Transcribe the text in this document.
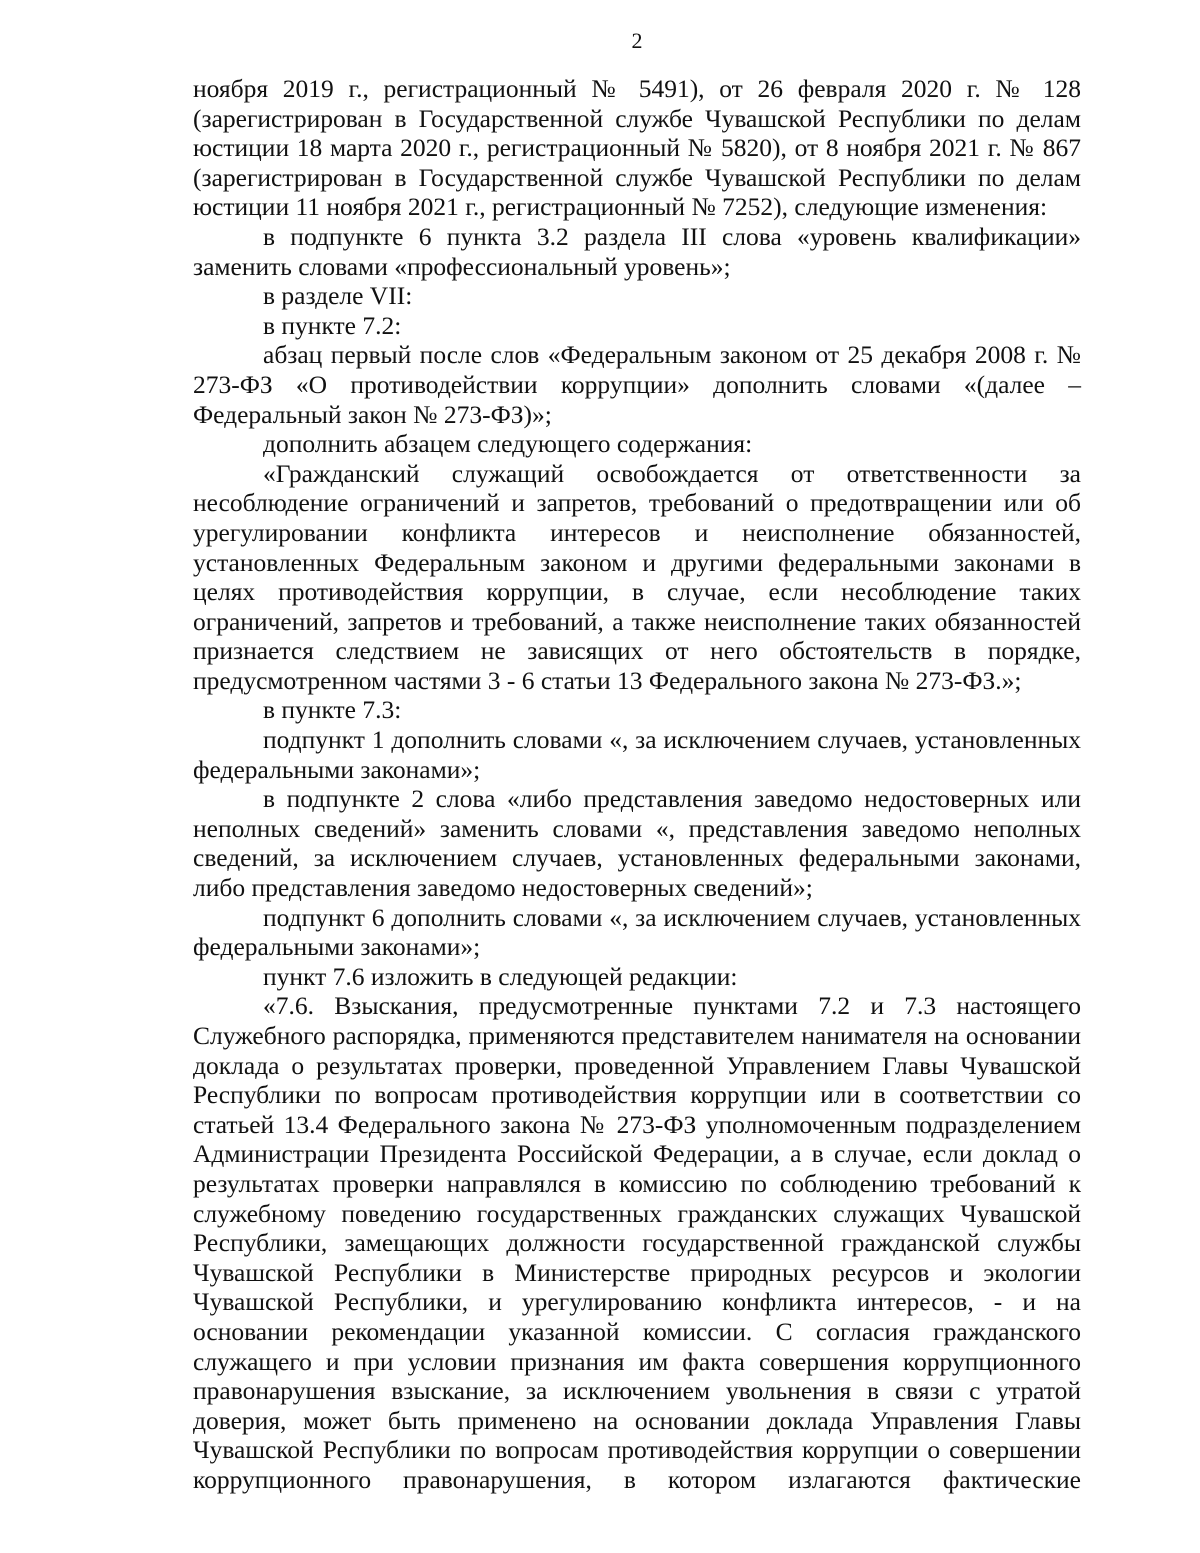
2

ноября 2019 г., регистрационный № 5491), от 26 февраля 2020 г. № 128 (зарегистрирован в Государственной службе Чувашской Республики по делам юстиции 18 марта 2020 г., регистрационный № 5820), от 8 ноября 2021 г. № 867 (зарегистрирован в Государственной службе Чувашской Республики по делам юстиции 11 ноября 2021 г., регистрационный № 7252), следующие изменения:

в подпункте 6 пункта 3.2 раздела III слова «уровень квалификации» заменить словами «профессиональный уровень»;

в разделе VII:

в пункте 7.2:

абзац первый после слов «Федеральным законом от 25 декабря 2008 г. № 273-ФЗ «О противодействии коррупции» дополнить словами «(далее – Федеральный закон № 273-ФЗ)»;

дополнить абзацем следующего содержания:

«Гражданский служащий освобождается от ответственности за несоблюдение ограничений и запретов, требований о предотвращении или об урегулировании конфликта интересов и неисполнение обязанностей, установленных Федеральным законом и другими федеральными законами в целях противодействия коррупции, в случае, если несоблюдение таких ограничений, запретов и требований, а также неисполнение таких обязанностей признается следствием не зависящих от него обстоятельств в порядке, предусмотренном частями 3 - 6 статьи 13 Федерального закона № 273-ФЗ.»;

в пункте 7.3:

подпункт 1 дополнить словами «, за исключением случаев, установленных федеральными законами»;

в подпункте 2 слова «либо представления заведомо недостоверных или неполных сведений» заменить словами «, представления заведомо неполных сведений, за исключением случаев, установленных федеральными законами, либо представления заведомо недостоверных сведений»;

подпункт 6 дополнить словами «, за исключением случаев, установленных федеральными законами»;

пункт 7.6 изложить в следующей редакции:

«7.6. Взыскания, предусмотренные пунктами 7.2 и 7.3 настоящего Служебного распорядка, применяются представителем нанимателя на основании доклада о результатах проверки, проведенной Управлением Главы Чувашской Республики по вопросам противодействия коррупции или в соответствии со статьей 13.4 Федерального закона № 273-ФЗ уполномоченным подразделением Администрации Президента Российской Федерации, а в случае, если доклад о результатах проверки направлялся в комиссию по соблюдению требований к служебному поведению государственных гражданских служащих Чувашской Республики, замещающих должности государственной гражданской службы Чувашской Республики в Министерстве природных ресурсов и экологии Чувашской Республики, и урегулированию конфликта интересов, - и на основании рекомендации указанной комиссии. С согласия гражданского служащего и при условии признания им факта совершения коррупционного правонарушения взыскание, за исключением увольнения в связи с утратой доверия, может быть применено на основании доклада Управления Главы Чувашской Республики по вопросам противодействия коррупции о совершении коррупционного правонарушения, в котором излагаются фактические
